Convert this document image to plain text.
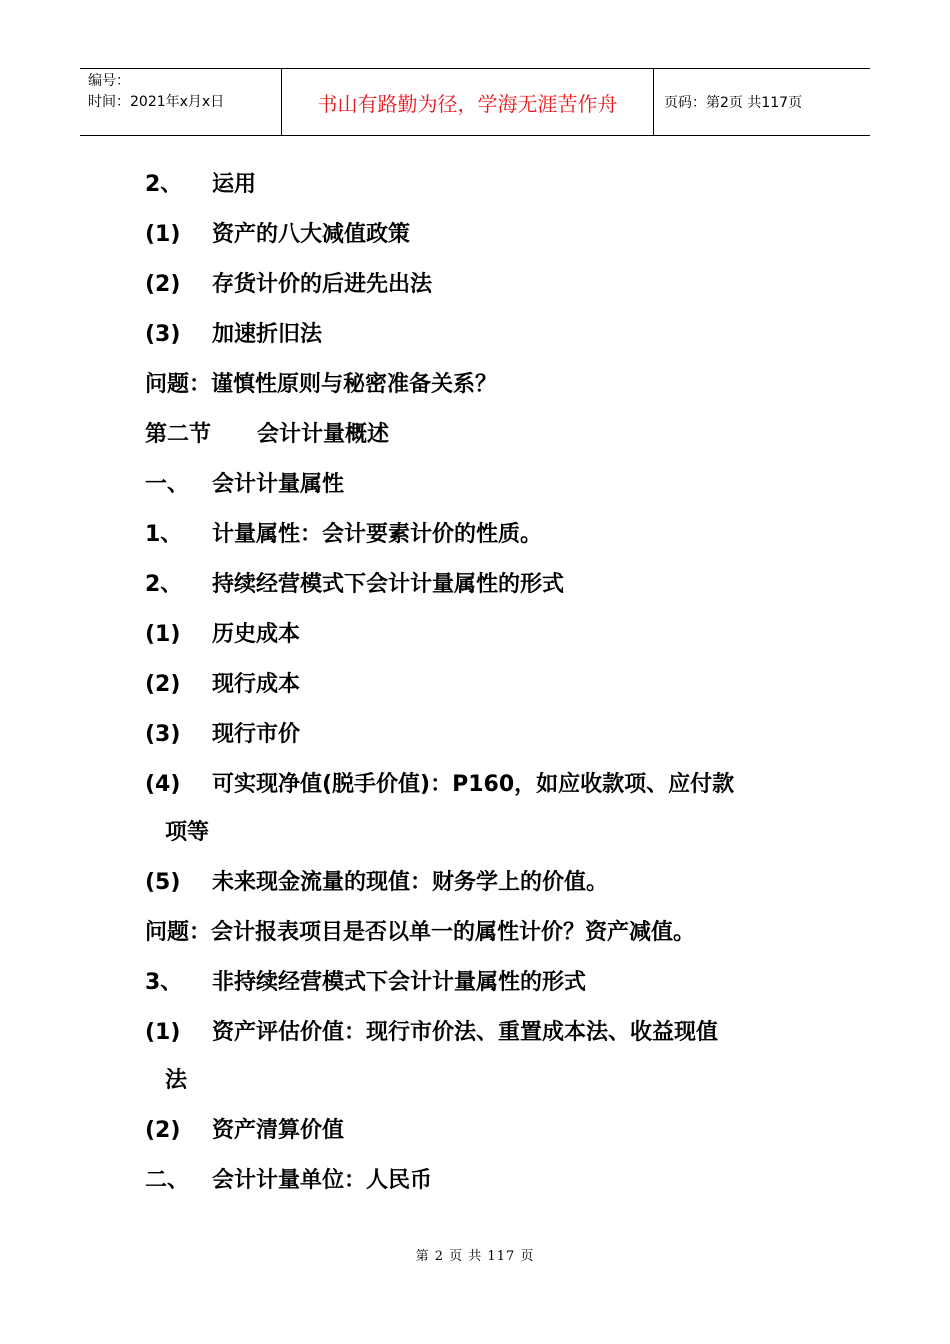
编号：
时间：2021年x月x日	书山有路勤为径，学海无涯苦作舟	页码：第2页 共117页
2、 运用
(1) 资产的八大减值政策
(2) 存货计价的后进先出法
(3) 加速折旧法
问题：谨慎性原则与秘密准备关系？
第二节      会计计量概述
一、 会计计量属性
1、 计量属性：会计要素计价的性质。
2、 持续经营模式下会计计量属性的形式
(1) 历史成本
(2) 现行成本
(3) 现行市价
(4) 可实现净值(脱手价值)：P160，如应收款项、应付款
项等
(5) 未来现金流量的现值：财务学上的价值。
问题：会计报表项目是否以单一的属性计价？资产减值。
3、 非持续经营模式下会计计量属性的形式
(1) 资产评估价值：现行市价法、重置成本法、收益现值
法
(2) 资产清算价值
二、 会计计量单位：人民币
第 2 页 共 117 页
